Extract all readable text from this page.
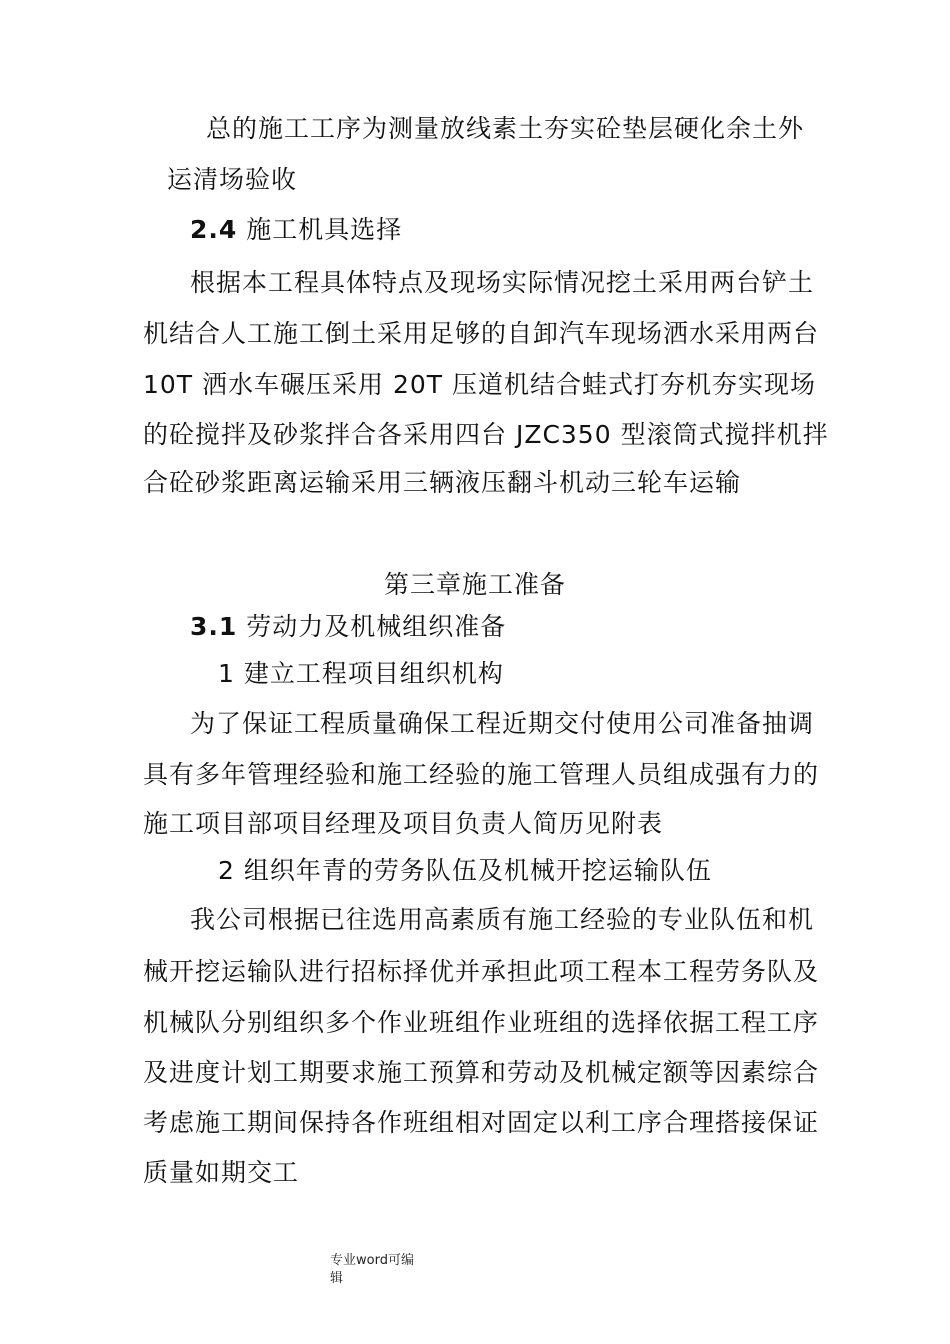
总的施工工序为测量放线素土夯实砼垫层硬化余土外
运清场验收
2.4 施工机具选择
根据本工程具体特点及现场实际情况挖土采用两台铲土
机结合人工施工倒土采用足够的自卸汽车现场洒水采用两台
10T 洒水车碾压采用 20T 压道机结合蛙式打夯机夯实现场
的砼搅拌及砂浆拌合各采用四台 JZC350 型滚筒式搅拌机拌
合砼砂浆距离运输采用三辆液压翻斗机动三轮车运输
第三章施工准备
3.1 劳动力及机械组织准备
1 建立工程项目组织机构
为了保证工程质量确保工程近期交付使用公司准备抽调
具有多年管理经验和施工经验的施工管理人员组成强有力的
施工项目部项目经理及项目负责人简历见附表
2 组织年青的劳务队伍及机械开挖运输队伍
我公司根据已往选用高素质有施工经验的专业队伍和机
械开挖运输队进行招标择优并承担此项工程本工程劳务队及
机械队分别组织多个作业班组作业班组的选择依据工程工序
及进度计划工期要求施工预算和劳动及机械定额等因素综合
考虑施工期间保持各作班组相对固定以利工序合理搭接保证
质量如期交工
专业word可编
辑
